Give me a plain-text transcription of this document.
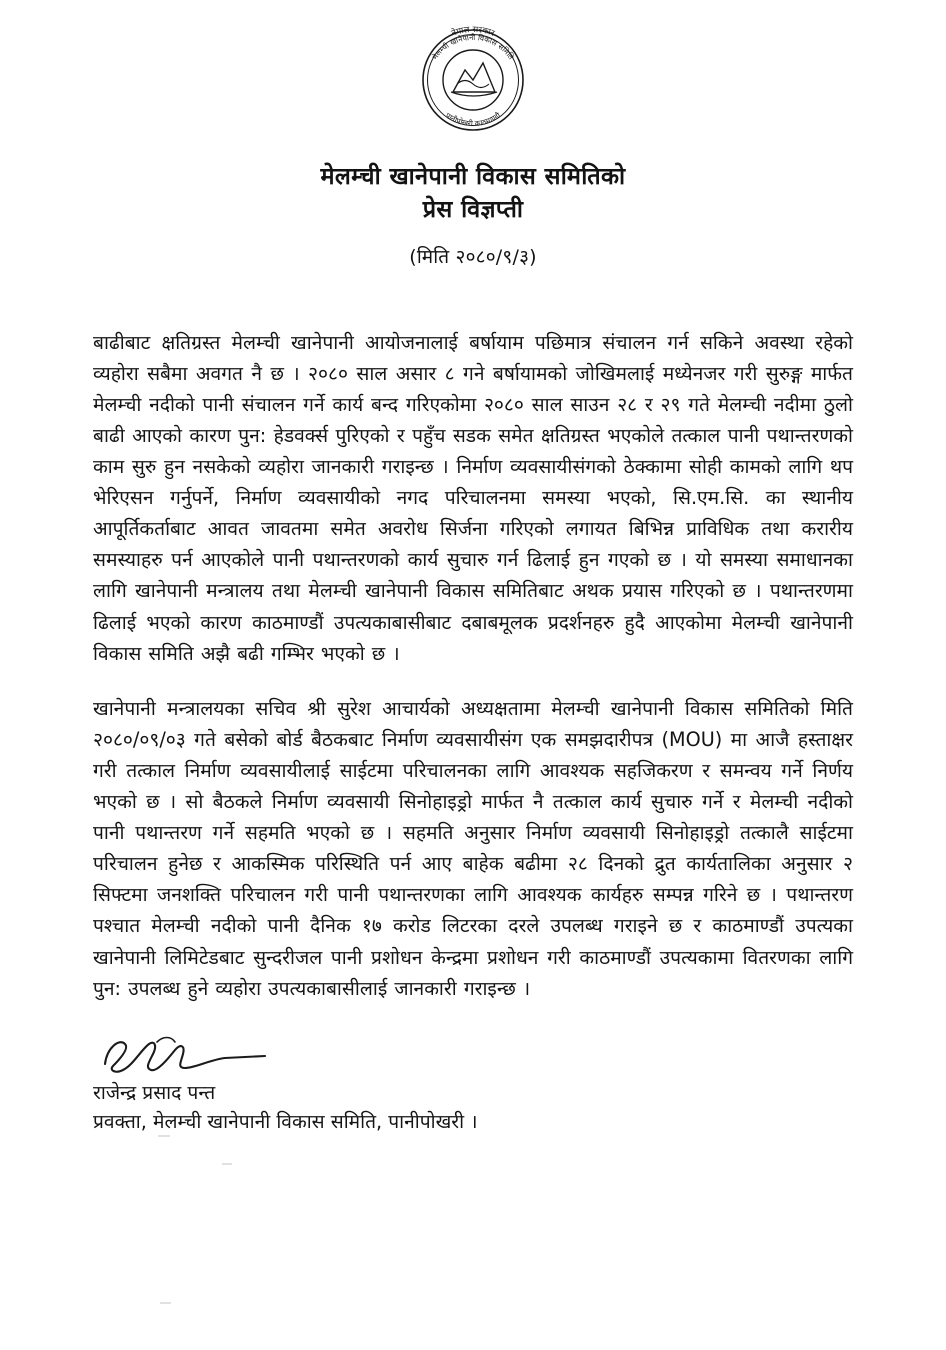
नेपाल सरकार
मेलम्ची खानेपानी विकास समिति
पानीपोखरी काठमाण्डौ
मेलम्ची खानेपानी विकास समितिको
प्रेस विज्ञप्ती
(मिति २०८०/९/३)

बाढीबाट क्षतिग्रस्त मेलम्ची खानेपानी आयोजनालाई बर्षायाम पछिमात्र संचालन गर्न सकिने अवस्था रहेको व्यहोरा सबैमा अवगत नै छ । २०८० साल असार ८ गने बर्षायामको जोखिमलाई मध्येनजर गरी सुरुङ्ग मार्फत मेलम्ची नदीको पानी संचालन गर्ने कार्य बन्द गरिएकोमा २०८० साल साउन २८ र २९ गते मेलम्ची नदीमा ठुलो बाढी आएको कारण पुन: हेडवर्क्स पुरिएको र पहुँच सडक समेत क्षतिग्रस्त भएकोले तत्काल पानी पथान्तरणको काम सुरु हुन नसकेको व्यहोरा जानकारी गराइन्छ । निर्माण व्यवसायीसंगको ठेक्कामा सोही कामको लागि थप भेरिएसन गर्नुपर्ने, निर्माण व्यवसायीको नगद परिचालनमा समस्या भएको, सि.एम.सि. का स्थानीय आपूर्तिकर्ताबाट आवत जावतमा समेत अवरोध सिर्जना गरिएको लगायत बिभिन्न प्राविधिक तथा करारीय समस्याहरु पर्न आएकोले पानी पथान्तरणको कार्य सुचारु गर्न ढिलाई हुन गएको छ । यो समस्या समाधानका लागि खानेपानी मन्त्रालय तथा मेलम्ची खानेपानी विकास समितिबाट अथक प्रयास गरिएको छ । पथान्तरणमा ढिलाई भएको कारण काठमाण्डौं उपत्यकाबासीबाट दबाबमूलक प्रदर्शनहरु हुदै आएकोमा मेलम्ची खानेपानी विकास समिति अझै बढी गम्भिर भएको छ ।

खानेपानी मन्त्रालयका सचिव श्री सुरेश आचार्यको अध्यक्षतामा मेलम्ची खानेपानी विकास समितिको मिति २०८०/०९/०३ गते बसेको बोर्ड बैठकबाट निर्माण व्यवसायीसंग एक समझदारीपत्र (MOU) मा आजै हस्ताक्षर गरी तत्काल निर्माण व्यवसायीलाई साईटमा परिचालनका लागि आवश्यक सहजिकरण र समन्वय गर्ने निर्णय भएको छ । सो बैठकले निर्माण व्यवसायी सिनोहाइड्रो मार्फत नै तत्काल कार्य सुचारु गर्ने र मेलम्ची नदीको पानी पथान्तरण गर्ने सहमति भएको छ । सहमति अनुसार निर्माण व्यवसायी सिनोहाइड्रो तत्कालै साईटमा परिचालन हुनेछ र आकस्मिक परिस्थिति पर्न आए बाहेक बढीमा २८ दिनको द्रुत कार्यतालिका अनुसार २ सिफ्टमा जनशक्ति परिचालन गरी पानी पथान्तरणका लागि आवश्यक कार्यहरु सम्पन्न गरिने छ । पथान्तरण पश्चात मेलम्ची नदीको पानी दैनिक १७ करोड लिटरका दरले उपलब्ध गराइने छ र काठमाण्डौं उपत्यका खानेपानी लिमिटेडबाट सुन्दरीजल पानी प्रशोधन केन्द्रमा प्रशोधन गरी काठमाण्डौं उपत्यकामा वितरणका लागि पुन: उपलब्ध हुने व्यहोरा उपत्यकाबासीलाई जानकारी गराइन्छ ।

राजेन्द्र प्रसाद पन्त
प्रवक्ता, मेलम्ची खानेपानी विकास समिति, पानीपोखरी ।
